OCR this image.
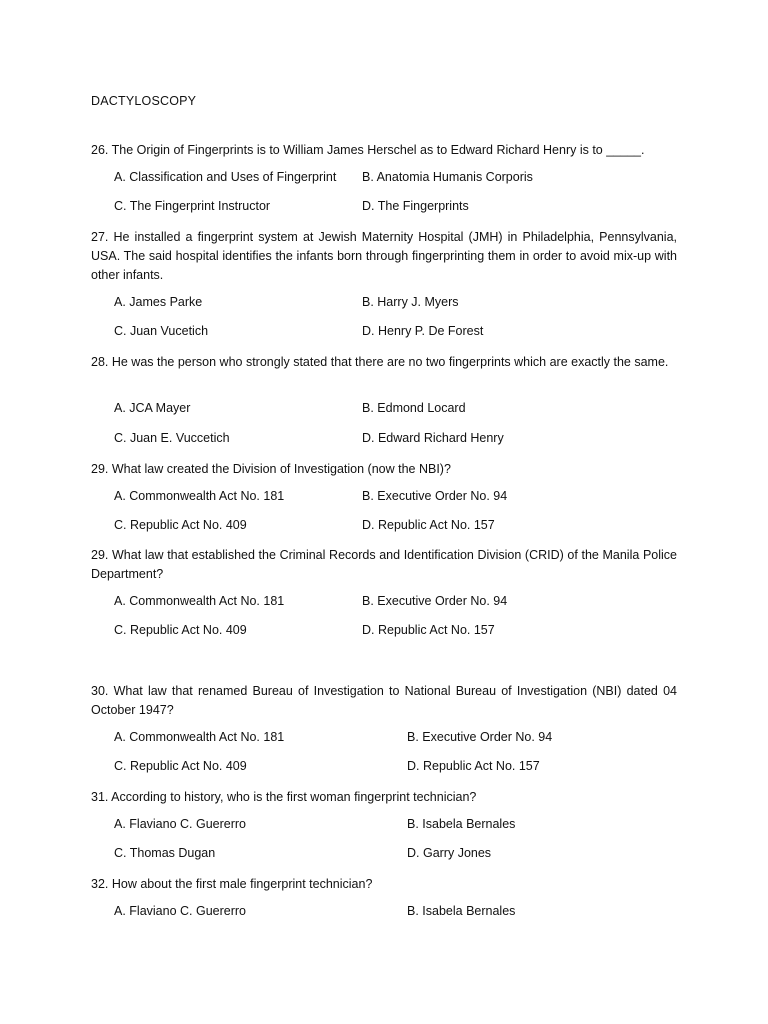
DACTYLOSCOPY
26. The Origin of Fingerprints is to William James Herschel as to Edward Richard Henry is to _____.
A. Classification and Uses of Fingerprint B. Anatomia Humanis Corporis
C. The Fingerprint Instructor	D. The Fingerprints
27. He installed a fingerprint system at Jewish Maternity Hospital (JMH) in Philadelphia, Pennsylvania, USA. The said hospital identifies the infants born through fingerprinting them in order to avoid mix-up with other infants.
A. James Parke	B. Harry J. Myers
C. Juan Vucetich	D. Henry P. De Forest
28. He was the person who strongly stated that there are no two fingerprints which are exactly the same.
A. JCA Mayer	B. Edmond Locard
C. Juan E. Vuccetich	D. Edward Richard Henry
29. What law created the Division of Investigation (now the NBI)?
A. Commonwealth Act No. 181	B. Executive Order No. 94
C. Republic Act No. 409	D. Republic Act No. 157
29. What law that established the Criminal Records and Identification Division (CRID) of the Manila Police Department?
A. Commonwealth Act No. 181	B. Executive Order No. 94
C. Republic Act No. 409	D. Republic Act No. 157
30. What law that renamed Bureau of Investigation to National Bureau of Investigation (NBI) dated 04 October 1947?
A. Commonwealth Act No. 181	B. Executive Order No. 94
C. Republic Act No. 409	D. Republic Act No. 157
31. According to history, who is the first woman fingerprint technician?
A. Flaviano C. Guererro	B. Isabela Bernales
C. Thomas Dugan	D. Garry Jones
32. How about the first male fingerprint technician?
A. Flaviano C. Guererro	B. Isabela Bernales
